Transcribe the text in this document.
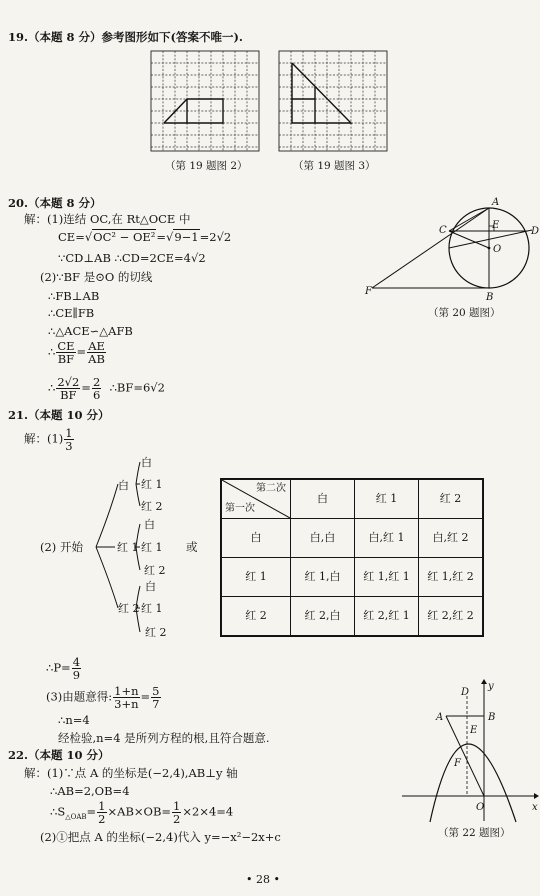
19.（本题 8 分）参考图形如下(答案不唯一).
（第 19 题图 2）	（第 19 题图 3）
20.（本题 8 分）
解：(1)连结 OC,在 Rt△OCE 中
CE=√OC² − OE²=√9−1=2√2
∵CD⊥AB ∴CD=2CE=4√2
(2)∵BF 是⊙O 的切线
∴FB⊥AB
∴CE∥FB
∴△ACE∽△AFB
∴ $\frac{CE}{BF} = \frac{AE}{AB}$
∴ $\frac{2√2}{BF} = \frac{2}{6}$ ∴BF=6√2
A
C	D
E
O
F
B
（第 20 题图）
21.（本题 10 分）
解：$(1) \frac{1}{3}$
(2) 开始
白
白
红 1
红 2
红 1
白
红 1
红 2
红 2
白
红 1
红 2
或
第二次
第一次	白	红 1	红 2
白	白,白	白,红 1	白,红 2
红 1	红 1,白	红 1,红 1	红 1,红 2
红 2	红 2,白	红 2,红 1	红 2,红 2
∴P= $\frac{4}{9}$
(3)由题意得: $\frac{1+n}{3+n} = \frac{5}{7}$
∴n=4
经检验,n=4 是所列方程的根,且符合题意.
22.（本题 10 分）
解：(1)∵点 A 的坐标是(−2,4),AB⊥y 轴
∴AB=2,OB=4
$\therefore S_{\triangle OAB}= \frac{1}{2} \times AB\times OB= \frac{1}{2} \times 2\times 4=4$
(2)①把点 A 的坐标(−2,4)代入 y=−x²−2x+c
D
y
A	B
E
F
O	x
（第 22 题图）
• 28 •
